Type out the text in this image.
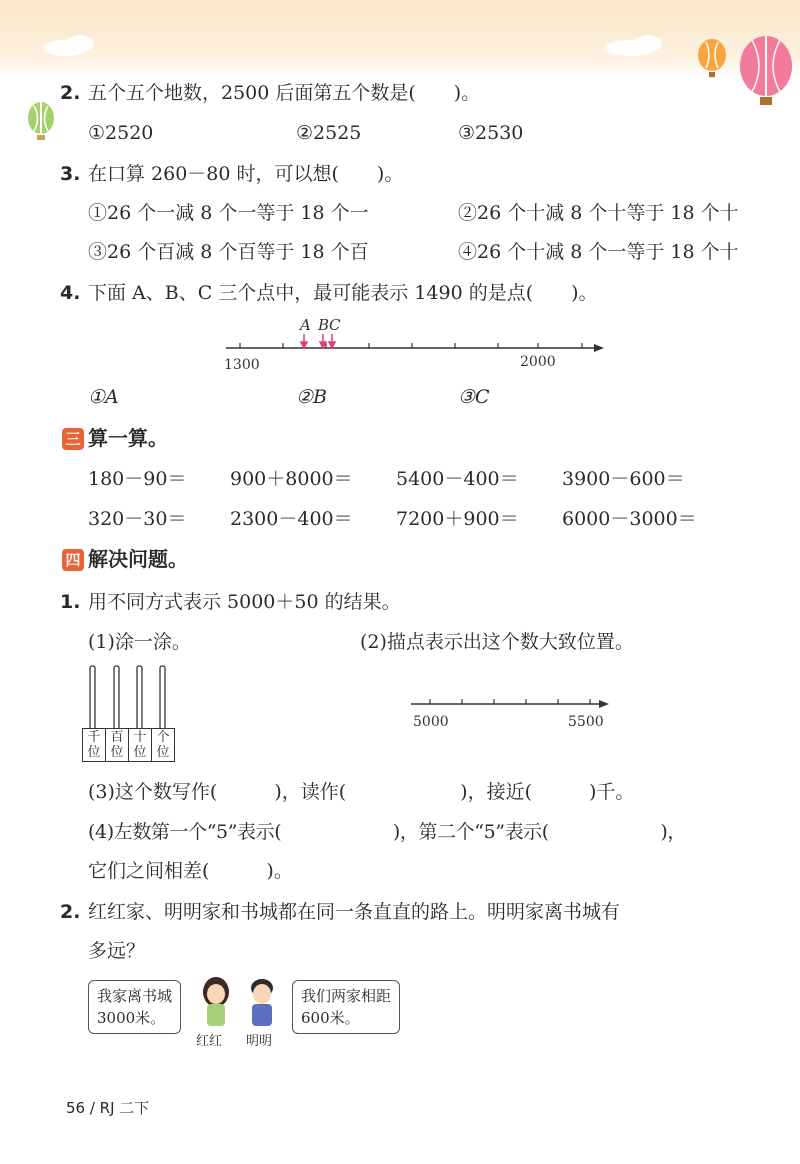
2. 五个五个地数，2500 后面第五个数是(　　)。
①2520	②2525	③2530
3. 在口算 260－80 时，可以想(　　)。
①26 个一减 8 个一等于 18 个一	②26 个十减 8 个十等于 18 个十
③26 个百减 8 个百等于 18 个百	④26 个十减 8 个一等于 18 个十
4. 下面 A、B、C 三个点中，最可能表示 1490 的是点(　　)。
A B C
1300	2000
①A	②B	③C
三 算一算。
180－90＝ 900＋8000＝ 5400－400＝ 3900－600＝
320－30＝ 2300－400＝ 7200＋900＝ 6000－3000＝
四 解决问题。
1. 用不同方式表示 5000＋50 的结果。
(1)涂一涂。	(2)描点表示出这个数大致位置。
千
位
百
位
十
位
个
位
5000	5500
(3)这个数写作(　　　)，读作(　　　　　　)，接近(　　　)千。
(4)左数第一个“5”表示(　　　　　　)，第二个“5”表示(　　　　　　)，
它们之间相差(　　　)。
2. 红红家、明明家和书城都在同一条直直的路上。明明家离书城有
多远？
我家离书城
3000米。
我们两家相距
600米。
红红 明明
56 / RJ 二下
